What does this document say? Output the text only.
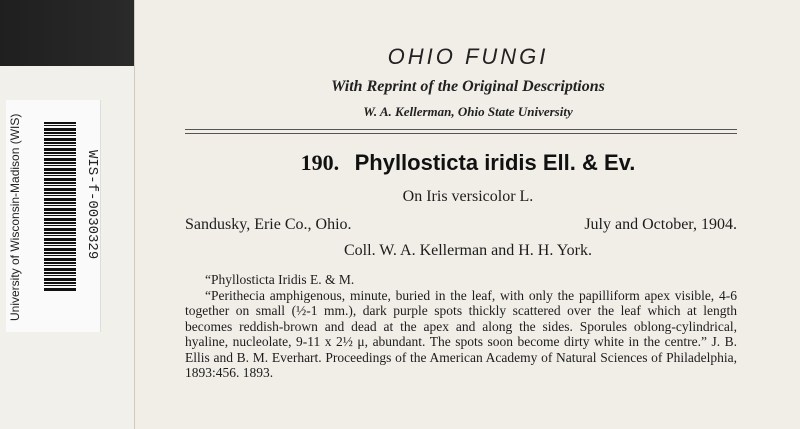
University of Wisconsin-Madison (WIS)	WIS-f-0030329
OHIO FUNGI
With Reprint of the Original Descriptions
W. A. Kellerman, Ohio State University
190. Phyllosticta iridis Ell. & Ev.
On Iris versicolor L.
Sandusky, Erie Co., Ohio.	July and October, 1904.
Coll. W. A. Kellerman and H. H. York.
“Phyllosticta Iridis E. & M.
“Perithecia amphigenous, minute, buried in the leaf, with only the papilliform apex visible, 4-6 together on small (½-1 mm.), dark purple spots thickly scattered over the leaf which at length becomes reddish-brown and dead at the apex and along the sides. Sporules oblong-cylindrical, hyaline, nucleolate, 9-11 x 2½ μ, abundant. The spots soon become dirty white in the centre.” J. B. Ellis and B. M. Everhart. Proceedings of the American Academy of Natural Sciences of Philadelphia, 1893:456. 1893.
